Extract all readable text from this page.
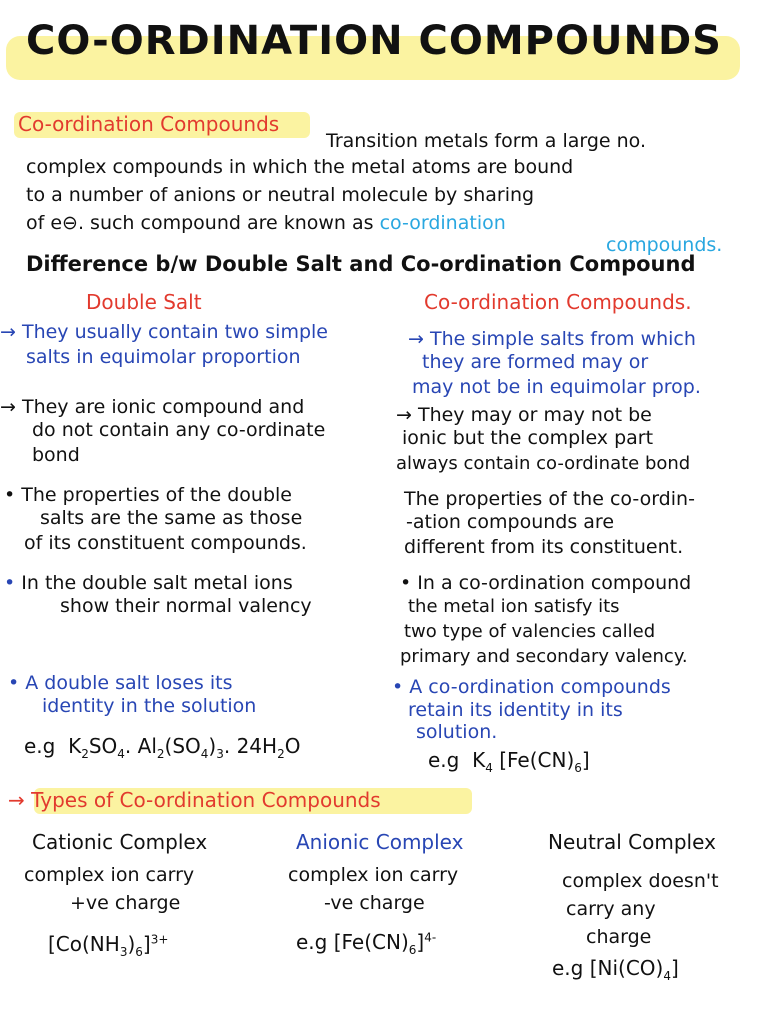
CO-ORDINATION COMPOUNDS
Co-ordination Compounds
Transition metals form a large no.
complex compounds in which the metal atoms are bound
to a number of anions or neutral molecule by sharing
of e⊖. such compound are known as co-ordination
compounds.
Difference b/w Double Salt and Co-ordination Compound
Double Salt	Co-ordination Compounds.
→ They usually contain two simple
salts in equimolar proportion
→ They are ionic compound and
do not contain any co-ordinate
bond
• The properties of the double
salts are the same as those
of its constituent compounds.
• In the double salt metal ions
show their normal valency
• A double salt loses its
identity in the solution
e.g $K_2SO_4$. $Al_2(SO_4)_3$. $24H_2O$
→ The simple salts from which
they are formed may or
may not be in equimolar prop.
→ They may or may not be
ionic but the complex part
always contain co-ordinate bond
The properties of the co-ordin-
-ation compounds are
different from its constituent.
• In a co-ordination compound
the metal ion satisfy its
two type of valencies called
primary and secondary valency.
• A co-ordination compounds
retain its identity in its
solution.
e.g $K_4$ $[Fe(CN)_6]$
→ Types of Co-ordination Compounds
Cationic Complex
complex ion carry
+ve charge
$[Co(NH_3)_6]^{3+}$
Anionic Complex
complex ion carry
-ve charge
e.g $[Fe(CN)_6]^{4-}$
Neutral Complex
complex doesn't
carry any
charge
e.g $[Ni(CO)_4]$
